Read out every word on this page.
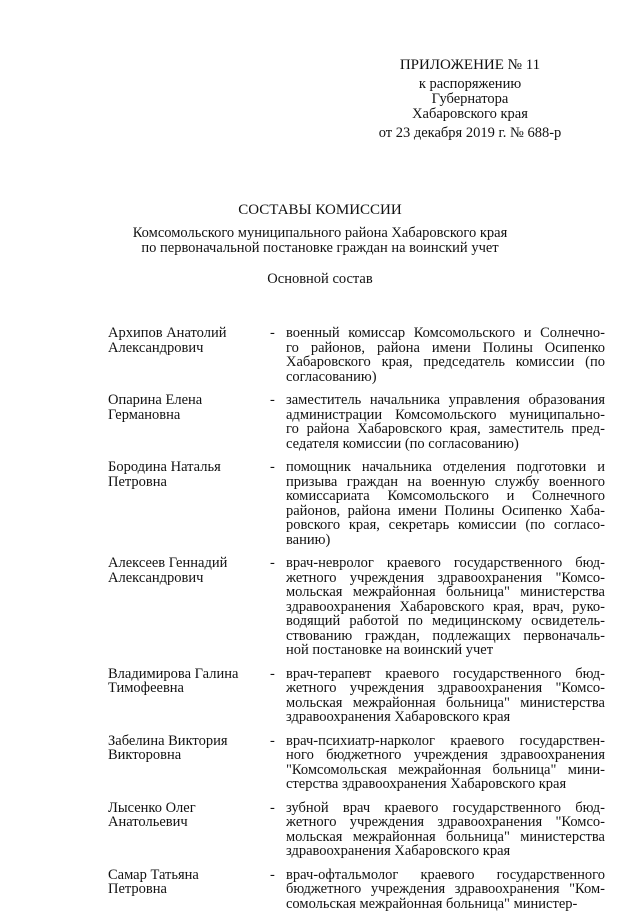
ПРИЛОЖЕНИЕ № 11
к распоряжению
Губернатора
Хабаровского края
от 23 декабря 2019 г. № 688-р
СОСТАВЫ КОМИССИИ
Комсомольского муниципального района Хабаровского края
по первоначальной постановке граждан на воинский учет
Основной состав
Архипов Анатолий
Александрович
- военный комиссар Комсомольского и Солнечно-
го районов, района имени Полины Осипенко
Хабаровского края, председатель комиссии (по
согласованию)
Опарина Елена
Германовна
- заместитель начальника управления образования
администрации Комсомольского муниципально-
го района Хабаровского края, заместитель пред-
седателя комиссии (по согласованию)
Бородина Наталья
Петровна
- помощник начальника отделения подготовки и
призыва граждан на военную службу военного
комиссариата Комсомольского и Солнечного
районов, района имени Полины Осипенко Хаба-
ровского края, секретарь комиссии (по согласо-
ванию)
Алексеев Геннадий
Александрович
- врач-невролог краевого государственного бюд-
жетного учреждения здравоохранения "Комсо-
мольская межрайонная больница" министерства
здравоохранения Хабаровского края, врач, руко-
водящий работой по медицинскому освидетель-
ствованию граждан, подлежащих первоначаль-
ной постановке на воинский учет
Владимирова Галина
Тимофеевна
- врач-терапевт краевого государственного бюд-
жетного учреждения здравоохранения "Комсо-
мольская межрайонная больница" министерства
здравоохранения Хабаровского края
Забелина Виктория
Викторовна
- врач-психиатр-нарколог краевого государствен-
ного бюджетного учреждения здравоохранения
"Комсомольская межрайонная больница" мини-
стерства здравоохранения Хабаровского края
Лысенко Олег
Анатольевич
- зубной врач краевого государственного бюд-
жетного учреждения здравоохранения "Комсо-
мольская межрайонная больница" министерства
здравоохранения Хабаровского края
Самар Татьяна
Петровна
- врач-офтальмолог краевого государственного
бюджетного учреждения здравоохранения "Ком-
сомольская межрайонная больница" министер-
